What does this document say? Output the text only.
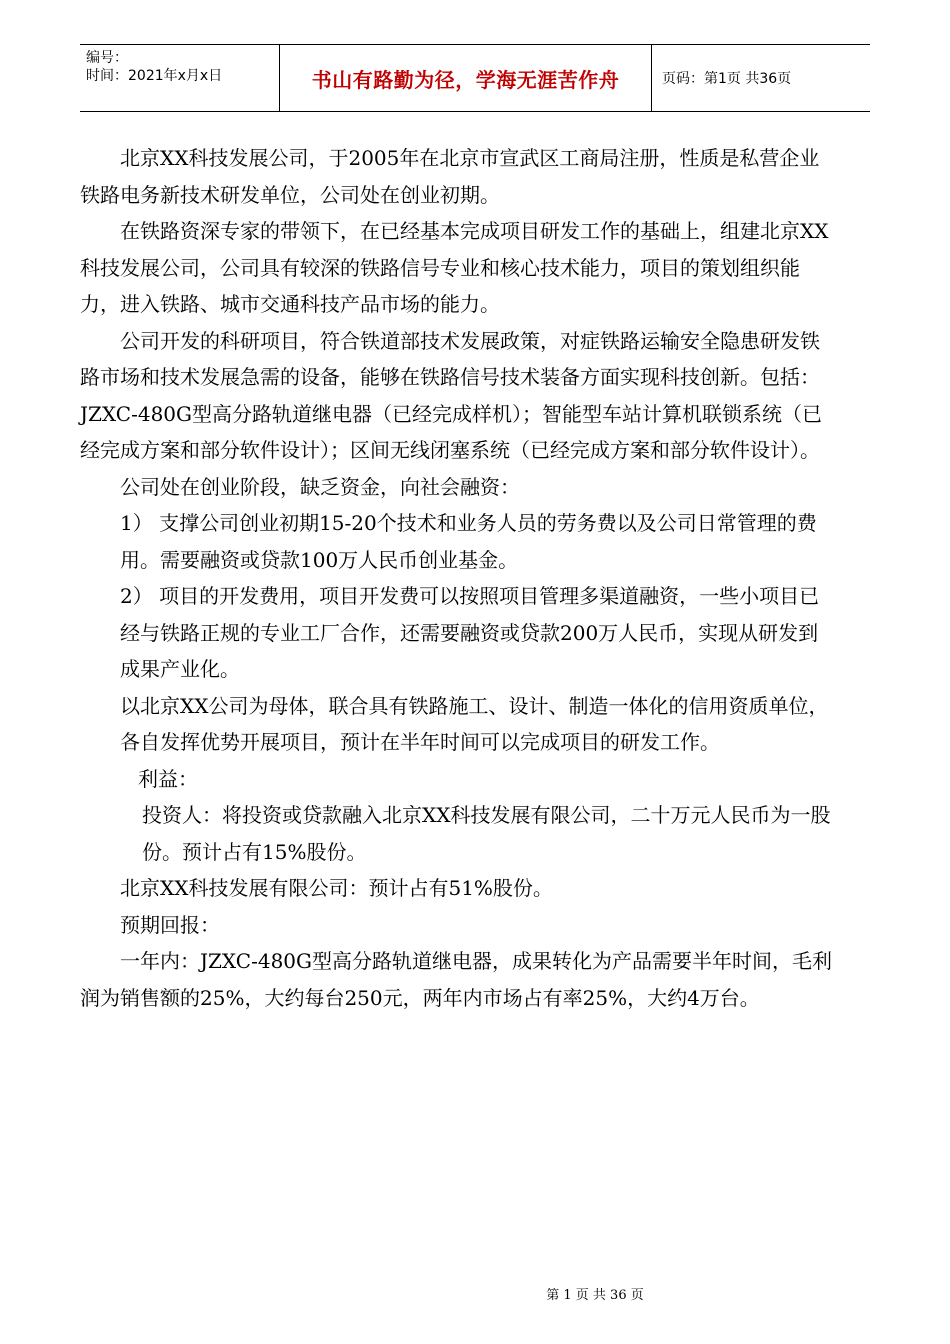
编号：
时间：2021年x月x日	书山有路勤为径，学海无涯苦作舟	页码：第1页 共36页

北京XX科技发展公司，于2005年在北京市宣武区工商局注册，性质是私营企业铁路电务新技术研发单位，公司处在创业初期。

在铁路资深专家的带领下，在已经基本完成项目研发工作的基础上，组建北京XX科技发展公司，公司具有较深的铁路信号专业和核心技术能力，项目的策划组织能力，进入铁路、城市交通科技产品市场的能力。

公司开发的科研项目，符合铁道部技术发展政策，对症铁路运输安全隐患研发铁路市场和技术发展急需的设备，能够在铁路信号技术装备方面实现科技创新。包括：JZXC-480G型高分路轨道继电器（已经完成样机）；智能型车站计算机联锁系统（已经完成方案和部分软件设计）；区间无线闭塞系统（已经完成方案和部分软件设计）。

公司处在创业阶段，缺乏资金，向社会融资：

1） 支撑公司创业初期15-20个技术和业务人员的劳务费以及公司日常管理的费用。需要融资或贷款100万人民币创业基金。

2） 项目的开发费用，项目开发费可以按照项目管理多渠道融资，一些小项目已经与铁路正规的专业工厂合作，还需要融资或贷款200万人民币，实现从研发到成果产业化。

以北京XX公司为母体，联合具有铁路施工、设计、制造一体化的信用资质单位，各自发挥优势开展项目，预计在半年时间可以完成项目的研发工作。

利益：

投资人：将投资或贷款融入北京XX科技发展有限公司，二十万元人民币为一股份。预计占有15%股份。

北京XX科技发展有限公司：预计占有51%股份。

预期回报：

一年内：JZXC-480G型高分路轨道继电器，成果转化为产品需要半年时间，毛利润为销售额的25%，大约每台250元，两年内市场占有率25%，大约4万台。

第 1 页 共 36 页
